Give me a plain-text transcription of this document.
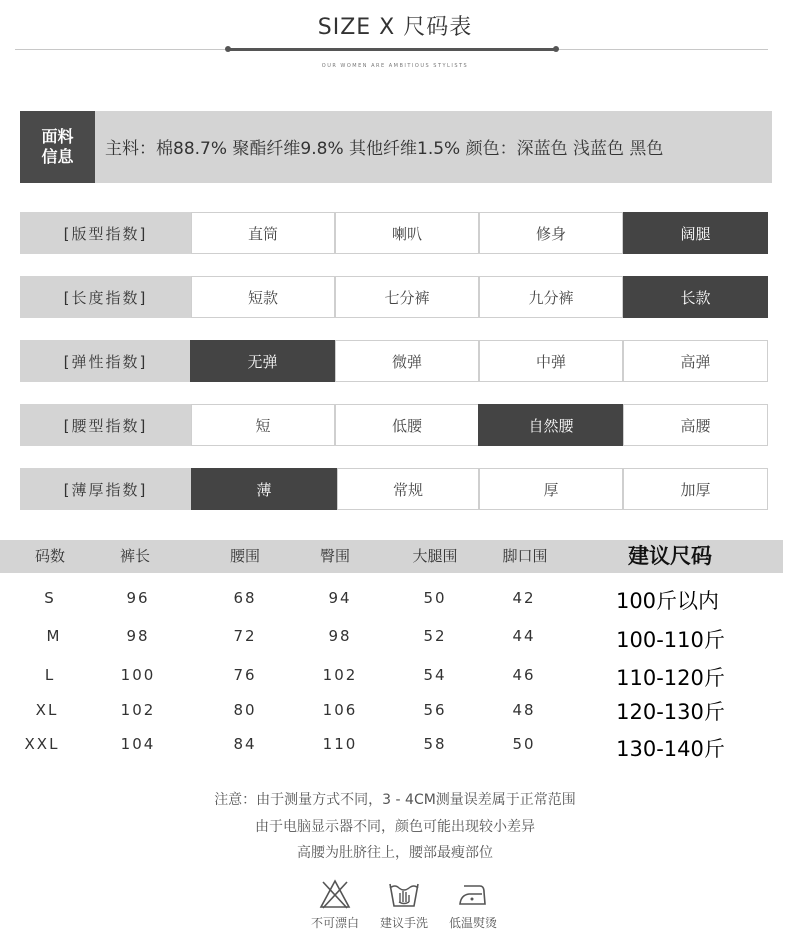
SIZE X 尺码表
OUR WOMEN ARE AMBITIOUS STYLISTS
面料
信息 主料：棉88.7% 聚酯纤维9.8% 其他纤维1.5% 颜色：深蓝色 浅蓝色 黑色
[版型指数]	直筒	喇叭	修身	阔腿
[长度指数]	短款	七分裤	九分裤	长款
[弹性指数]	无弹	微弹	中弹	高弹
[腰型指数]	短	低腰	自然腰	高腰
[薄厚指数]	薄	常规	厚	加厚
码数	裤长	腰围	臀围	大腿围	脚口围	建议尺码
S	96	68	94	50	42	100斤以内
M	98	72	98	52	44	100-110斤
L	100	76	102	54	46	110-120斤
XL	102	80	106	56	48	120-130斤
XXL	104	84	110	58	50	130-140斤
注意：由于测量方式不同，3 - 4CM测量误差属于正常范围
由于电脑显示器不同，颜色可能出现较小差异
高腰为肚脐往上，腰部最瘦部位
不可漂白	建议手洗	低温熨烫
